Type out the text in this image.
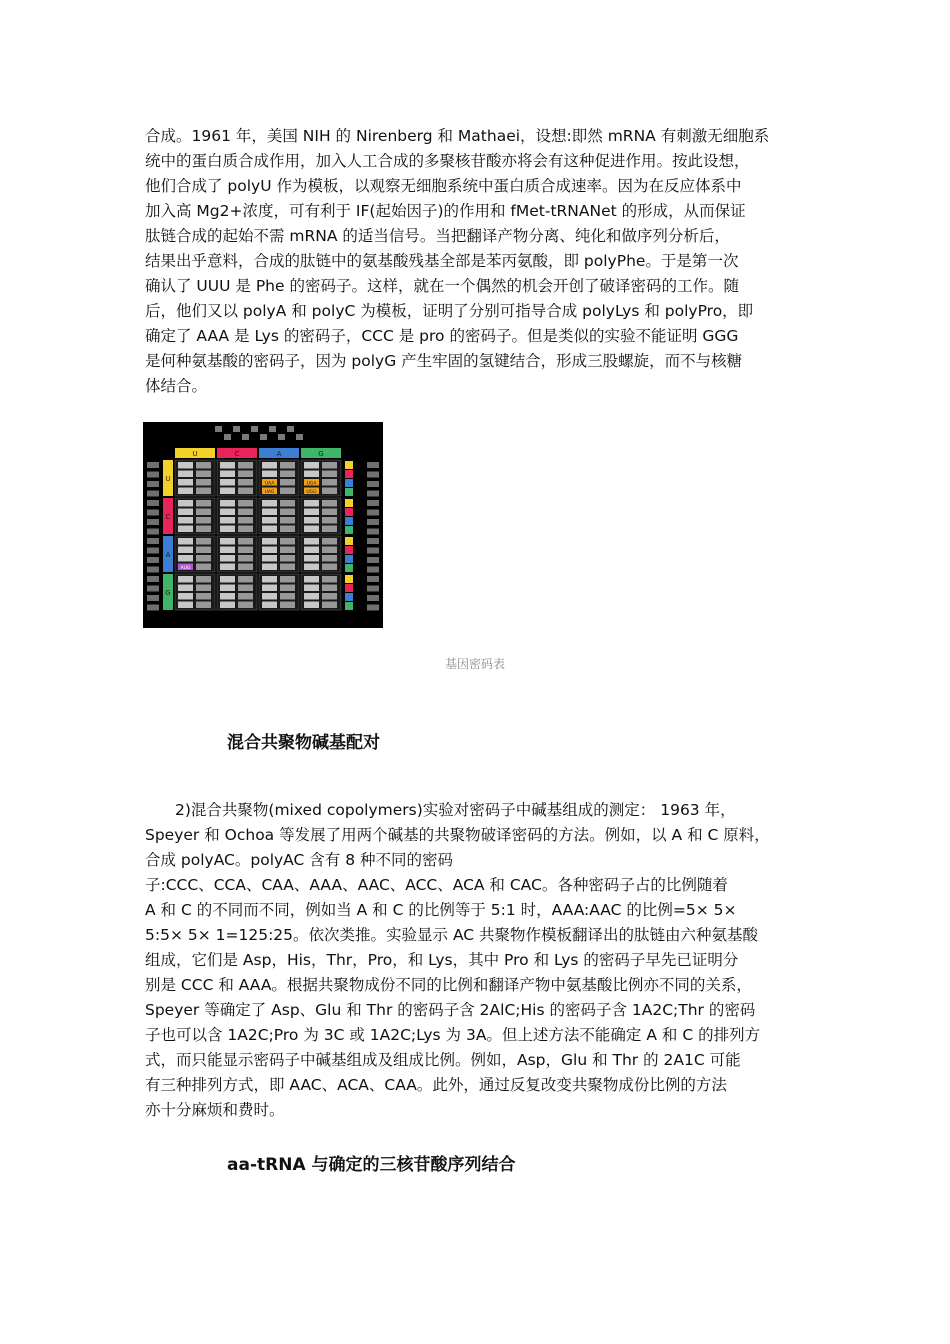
合成。1961 年，美国 NIH 的 Nirenberg 和 Mathaei，设想:即然 mRNA 有刺激无细胞系
统中的蛋白质合成作用，加入人工合成的多聚核苷酸亦将会有这种促进作用。按此设想，
他们合成了 polyU 作为模板，以观察无细胞系统中蛋白质合成速率。因为在反应体系中
加入高 Mg2+浓度，可有利于 IF(起始因子)的作用和 fMet-tRNANet 的形成，从而保证
肽链合成的起始不需 mRNA 的适当信号。当把翻译产物分离、纯化和做序列分析后，
结果出乎意料，合成的肽链中的氨基酸残基全部是苯丙氨酸，即 polyPhe。于是第一次
确认了 UUU 是 Phe 的密码子。这样，就在一个偶然的机会开创了破译密码的工作。随
后，他们又以 polyA 和 polyC 为模板，证明了分别可指导合成 polyLys 和 polyPro，即
确定了 AAA 是 Lys 的密码子，CCC 是 pro 的密码子。但是类似的实验不能证明 GGG
是何种氨基酸的密码子，因为 polyG 产生牢固的氢键结合，形成三股螺旋，而不与核糖
体结合。
U	C	A	G
U
C
A
G
UAA
UAG
UGA
UGG
AUG
基因密码表
混合共聚物碱基配对
2)混合共聚物(mixed copolymers)实验对密码子中碱基组成的测定： 1963 年，
Speyer 和 Ochoa 等发展了用两个碱基的共聚物破译密码的方法。例如，以 A 和 C 原料，
合成 polyAC。polyAC 含有 8 种不同的密码
子:CCC、CCA、CAA、AAA、AAC、ACC、ACA 和 CAC。各种密码子占的比例随着
A 和 C 的不同而不同，例如当 A 和 C 的比例等于 5:1 时，AAA:AAC 的比例=5× 5×
5:5× 5× 1=125:25。依次类推。实验显示 AC 共聚物作模板翻译出的肽链由六种氨基酸
组成，它们是 Asp，His，Thr，Pro，和 Lys，其中 Pro 和 Lys 的密码子早先已证明分
别是 CCC 和 AAA。根据共聚物成份不同的比例和翻译产物中氨基酸比例亦不同的关系，
Speyer 等确定了 Asp、Glu 和 Thr 的密码子含 2AlC;His 的密码子含 1A2C;Thr 的密码
子也可以含 1A2C;Pro 为 3C 或 1A2C;Lys 为 3A。但上述方法不能确定 A 和 C 的排列方
式，而只能显示密码子中碱基组成及组成比例。例如，Asp，Glu 和 Thr 的 2A1C 可能
有三种排列方式，即 AAC、ACA、CAA。此外，通过反复改变共聚物成份比例的方法
亦十分麻烦和费时。
aa-tRNA 与确定的三核苷酸序列结合
